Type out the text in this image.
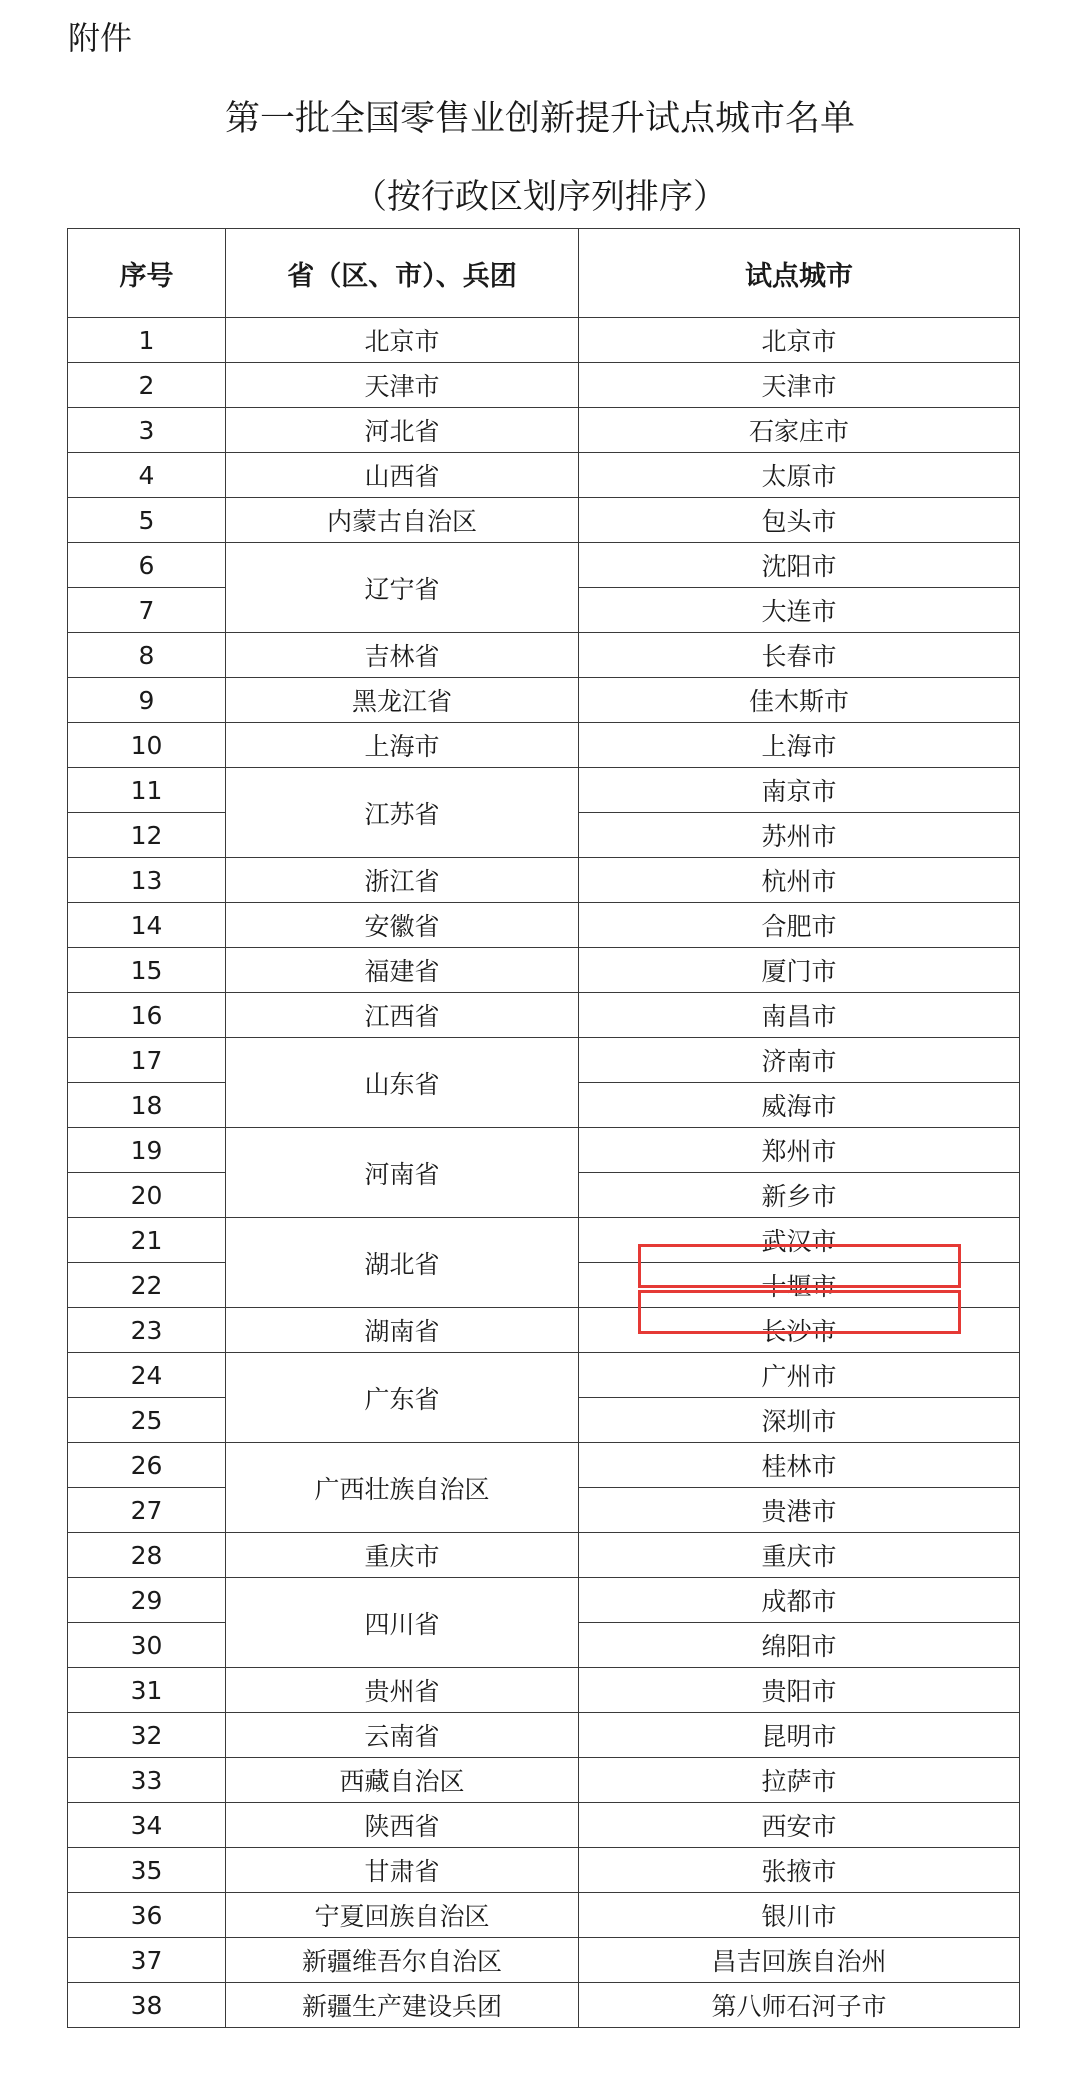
附件
第一批全国零售业创新提升试点城市名单
（按行政区划序列排序）
序号	省（区、市）、兵团	试点城市
1	北京市	北京市
2	天津市	天津市
3	河北省	石家庄市
4	山西省	太原市
5	内蒙古自治区	包头市
6	辽宁省	沈阳市
7		大连市
8	吉林省	长春市
9	黑龙江省	佳木斯市
10	上海市	上海市
11	江苏省	南京市
12		苏州市
13	浙江省	杭州市
14	安徽省	合肥市
15	福建省	厦门市
16	江西省	南昌市
17	山东省	济南市
18		威海市
19	河南省	郑州市
20		新乡市
21	湖北省	武汉市
22		十堰市
23	湖南省	长沙市
24	广东省	广州市
25		深圳市
26	广西壮族自治区	桂林市
27		贵港市
28	重庆市	重庆市
29	四川省	成都市
30		绵阳市
31	贵州省	贵阳市
32	云南省	昆明市
33	西藏自治区	拉萨市
34	陕西省	西安市
35	甘肃省	张掖市
36	宁夏回族自治区	银川市
37	新疆维吾尔自治区	昌吉回族自治州
38	新疆生产建设兵团	第八师石河子市
